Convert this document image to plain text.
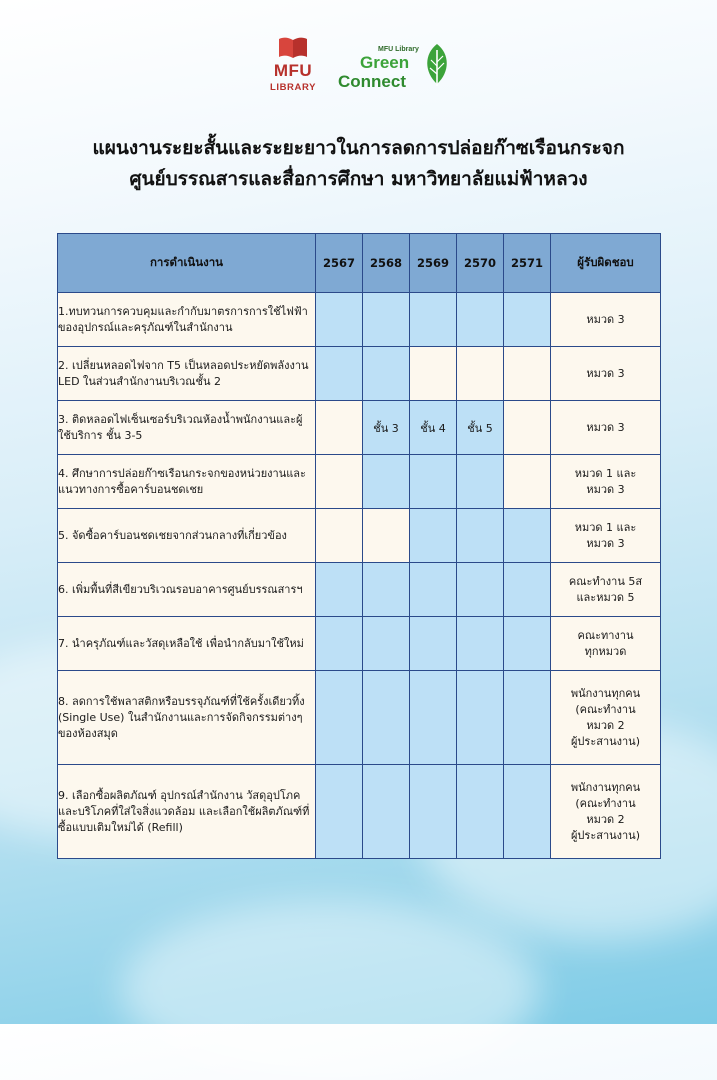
MFU
LIBRARY
MFU Library
Green
Connect
แผนงานระยะสั้นและระยะยาวในการลดการปล่อยก๊าซเรือนกระจก
ศูนย์บรรณสารและสื่อการศึกษา มหาวิทยาลัยแม่ฟ้าหลวง
การดำเนินงาน	2567	2568	2569	2570	2571	ผู้รับผิดชอบ
1.ทบทวนการควบคุมและกำกับมาตรการการใช้ไฟฟ้าของอุปกรณ์และครุภัณฑ์ในสำนักงาน						หมวด 3
2. เปลี่ยนหลอดไฟจาก T5 เป็นหลอดประหยัดพลังงาน LED ในส่วนสำนักงานบริเวณชั้น 2						หมวด 3
3. ติดหลอดไฟเซ็นเซอร์บริเวณห้องน้ำพนักงานและผู้ใช้บริการ ชั้น 3-5		ชั้น 3	ชั้น 4	ชั้น 5		หมวด 3
4. ศึกษาการปล่อยก๊าซเรือนกระจกของหน่วยงานและแนวทางการซื้อคาร์บอนชดเชย						หมวด 1 และ
หมวด 3
5. จัดซื้อคาร์บอนชดเชยจากส่วนกลางที่เกี่ยวข้อง						หมวด 1 และ
หมวด 3
6. เพิ่มพื้นที่สีเขียวบริเวณรอบอาคารศูนย์บรรณสารฯ						คณะทำงาน 5ส
และหมวด 5
7. นำครุภัณฑ์และวัสดุเหลือใช้ เพื่อนำกลับมาใช้ใหม่						คณะทางาน
ทุกหมวด
8. ลดการใช้พลาสติกหรือบรรจุภัณฑ์ที่ใช้ครั้งเดียวทิ้ง (Single Use) ในสำนักงานและการจัดกิจกรรมต่างๆของห้องสมุด						พนักงานทุกคน
(คณะทำงาน
หมวด 2
ผู้ประสานงาน)
9. เลือกซื้อผลิตภัณฑ์ อุปกรณ์สำนักงาน วัสดุอุปโภคและบริโภคที่ใส่ใจสิ่งแวดล้อม และเลือกใช้ผลิตภัณฑ์ที่ซื้อแบบเติมใหม่ได้ (Refill)						พนักงานทุกคน
(คณะทำงาน
หมวด 2
ผู้ประสานงาน)
